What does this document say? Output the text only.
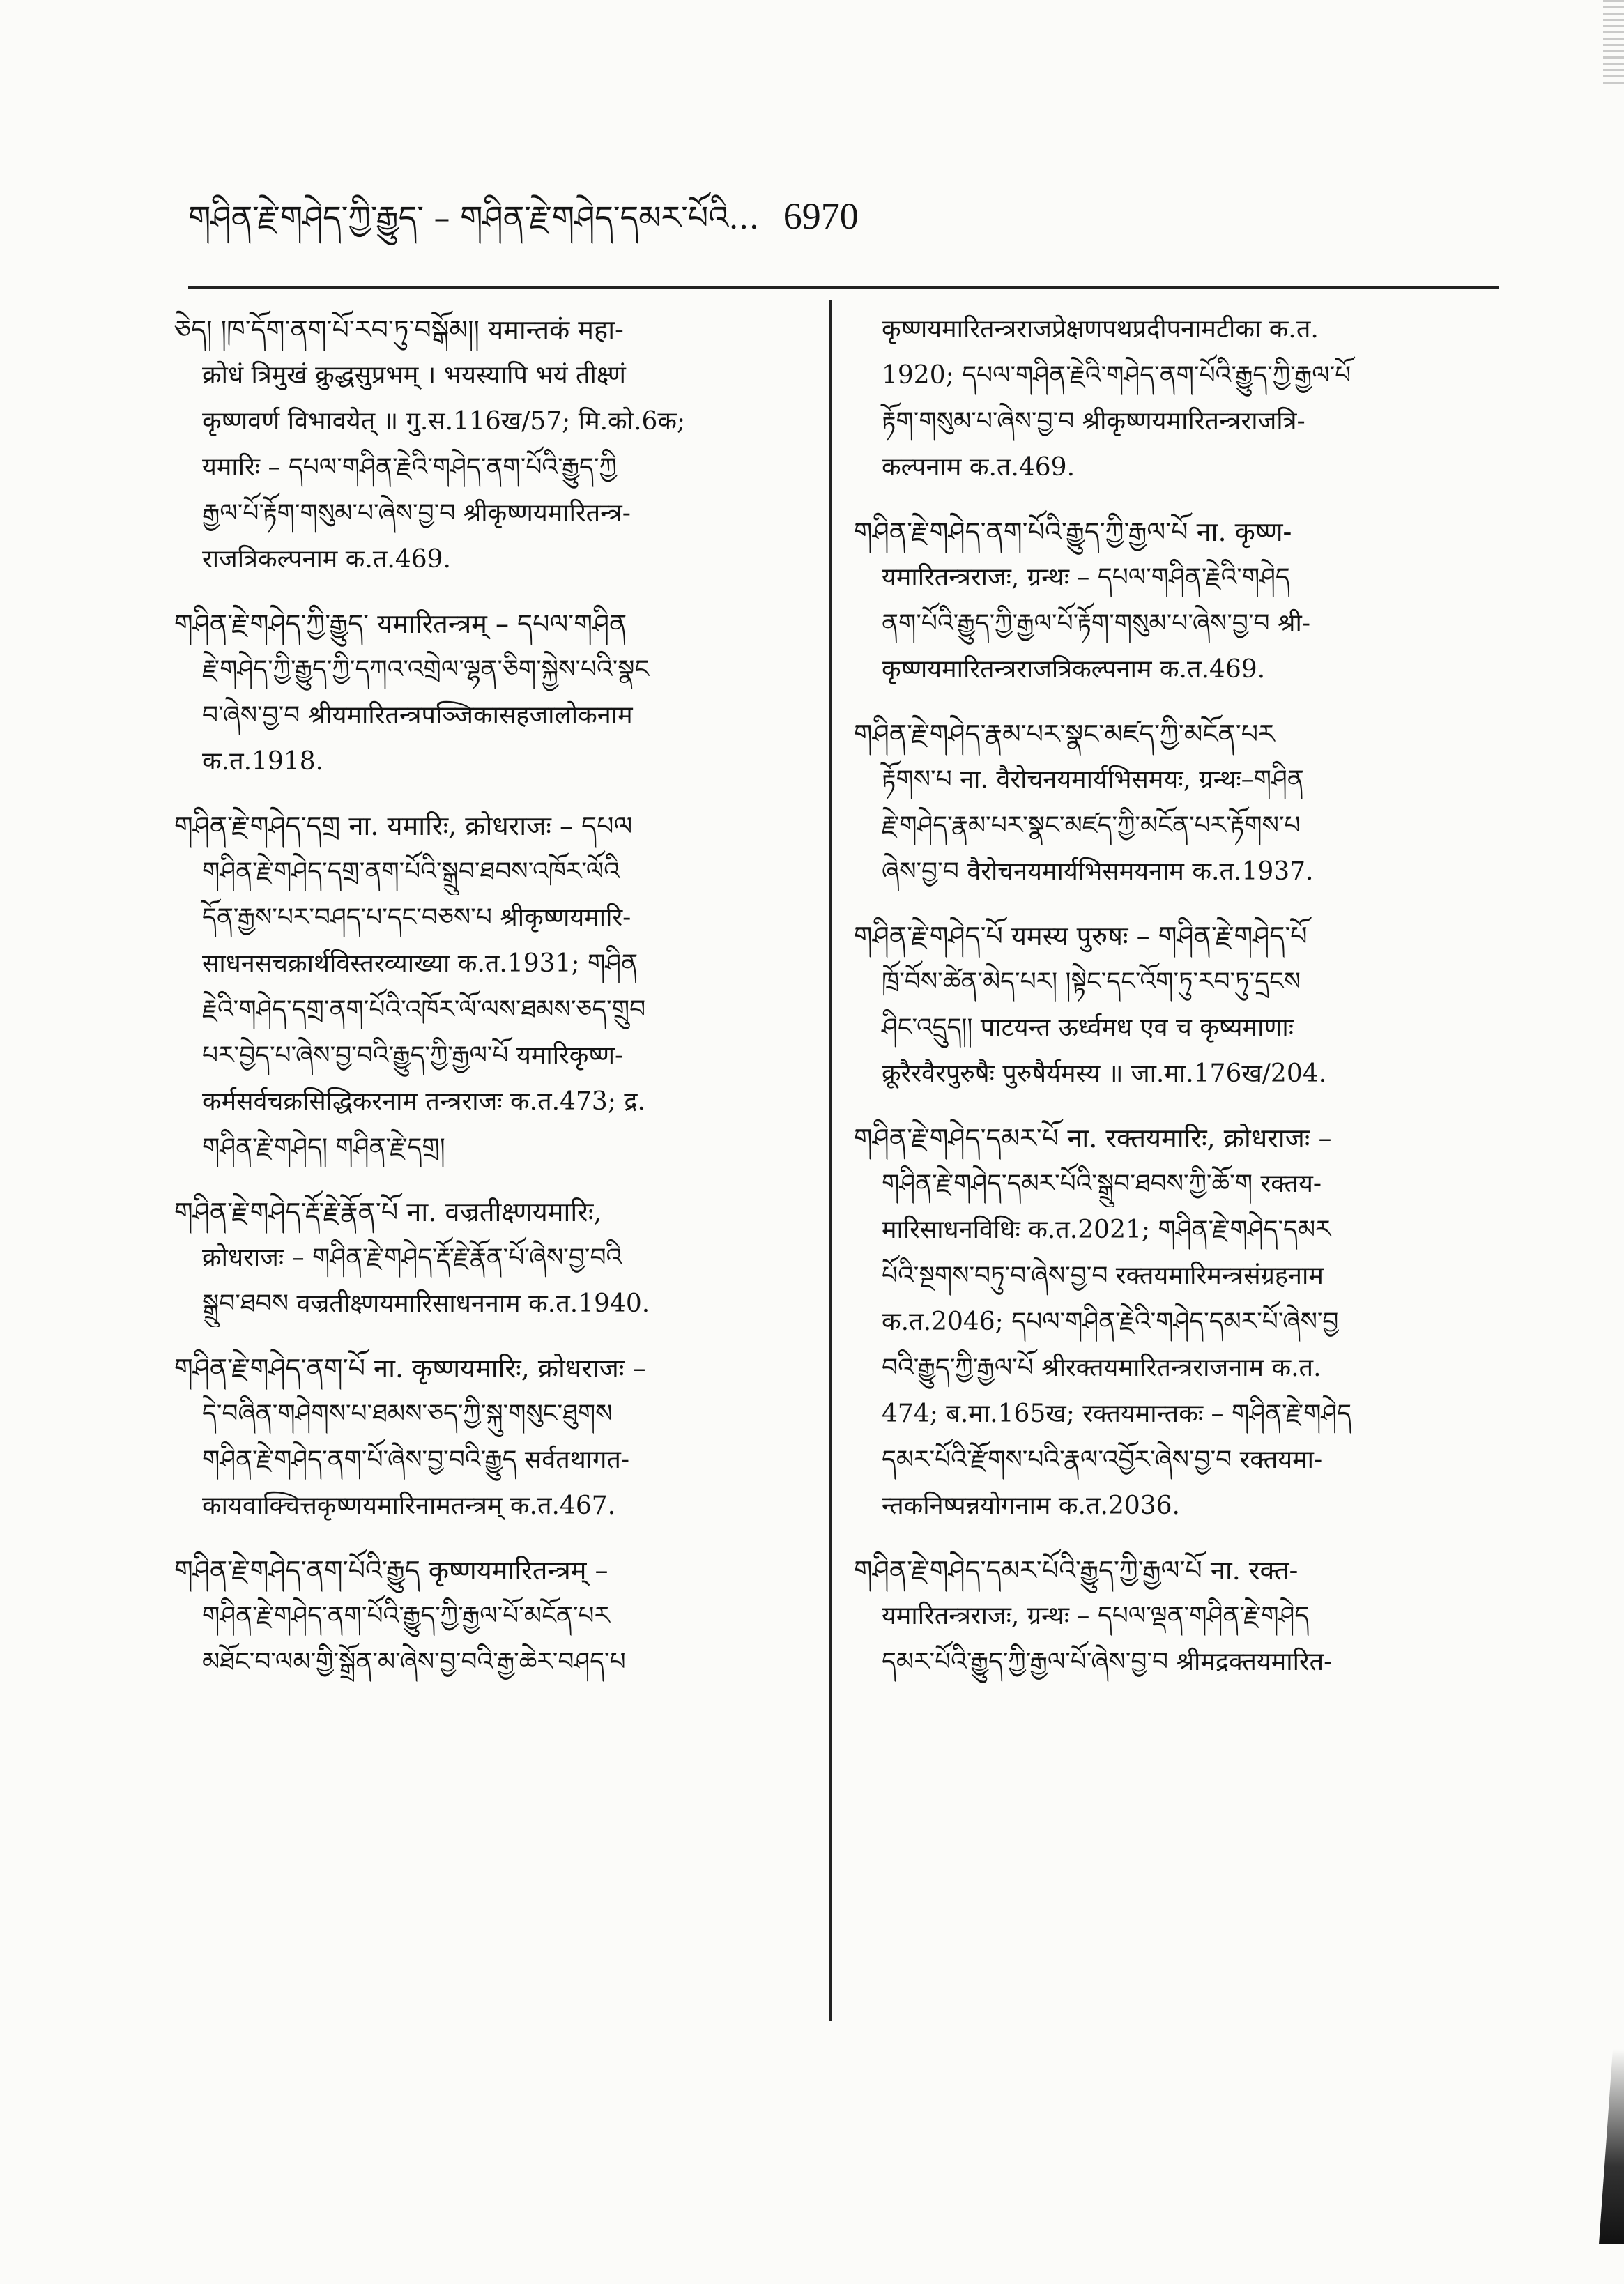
གཤིན་རྗེ་གཤེད་ཀྱི་རྒྱུད་ – གཤིན་རྗེ་གཤེད་དམར་པོའི... 6970
ཅེད། །ཁ་དོག་ནག་པོ་རབ་ཏུ་བསྒོམ།། यमान्तकं महा-
क्रोधं त्रिमुखं क्रुद्धसुप्रभम् । भयस्यापि भयं तीक्ष्णं
कृष्णवर्ण विभावयेत् ॥ गु.स.116ख/57; मि.को.6क;
यमारिः – དཔལ་གཤིན་རྗེའི་གཤེད་ནག་པོའི་རྒྱུད་ཀྱི
རྒྱལ་པོ་རྟོག་གསུམ་པ་ཞེས་བྱ་བ श्रीकृष्णयमारितन्त्र-
राजत्रिकल्पनाम क.त.469.
གཤིན་རྗེ་གཤེད་ཀྱི་རྒྱུད་ यमारितन्त्रम् – དཔལ་གཤིན
རྗེ་གཤེད་ཀྱི་རྒྱུད་ཀྱི་དཀའ་འགྲེལ་ལྷན་ཅིག་སྐྱེས་པའི་སྣང
བ་ཞེས་བྱ་བ श्रीयमारितन्त्रपञ्जिकासहजालोकनाम
क.त.1918.
གཤིན་རྗེ་གཤེད་དགྲ ना. यमारिः, क्रोधराजः – དཔལ
གཤིན་རྗེ་གཤེད་དགྲ་ནག་པོའི་སྒྲུབ་ཐབས་འཁོར་ལོའི
དོན་རྒྱས་པར་བཤད་པ་དང་བཅས་པ श्रीकृष्णयमारि-
साधनसचक्रार्थविस्तरव्याख्या क.त.1931; གཤིན
རྗེའི་གཤེད་དགྲ་ནག་པོའི་འཁོར་ལོ་ལས་ཐམས་ཅད་གྲུབ
པར་བྱེད་པ་ཞེས་བྱ་བའི་རྒྱུད་ཀྱི་རྒྱལ་པོ यमारिकृष्ण-
कर्मसर्वचक्रसिद्धिकरनाम तन्त्रराजः क.त.473; द्र.
གཤིན་རྗེ་གཤེད། གཤིན་རྗེ་དགྲ།
གཤིན་རྗེ་གཤེད་རྡོ་རྗེ་རྣོན་པོ ना. वज्रतीक्ष्णयमारिः,
क्रोधराजः – གཤིན་རྗེ་གཤེད་རྡོ་རྗེ་རྣོན་པོ་ཞེས་བྱ་བའི
སྒྲུབ་ཐབས वज्रतीक्ष्णयमारिसाधननाम क.त.1940.
གཤིན་རྗེ་གཤེད་ནག་པོ ना. कृष्णयमारिः, क्रोधराजः –
དེ་བཞིན་གཤེགས་པ་ཐམས་ཅད་ཀྱི་སྐུ་གསུང་ཐུགས
གཤིན་རྗེ་གཤེད་ནག་པོ་ཞེས་བྱ་བའི་རྒྱུད सर्वतथागत-
कायवाक्चित्तकृष्णयमारिनामतन्त्रम् क.त.467.
གཤིན་རྗེ་གཤེད་ནག་པོའི་རྒྱུད कृष्णयमारितन्त्रम् –
གཤིན་རྗེ་གཤེད་ནག་པོའི་རྒྱུད་ཀྱི་རྒྱལ་པོ་མངོན་པར
མཐོང་བ་ལམ་གྱི་སྒྲོན་མ་ཞེས་བྱ་བའི་རྒྱ་ཆེར་བཤད་པ
कृष्णयमारितन्त्रराजप्रेक्षणपथप्रदीपनामटीका क.त.
1920; དཔལ་གཤིན་རྗེའི་གཤེད་ནག་པོའི་རྒྱུད་ཀྱི་རྒྱལ་པོ
རྟོག་གསུམ་པ་ཞེས་བྱ་བ श्रीकृष्णयमारितन्त्रराजत्रि-
कल्पनाम क.त.469.
གཤིན་རྗེ་གཤེད་ནག་པོའི་རྒྱུད་ཀྱི་རྒྱལ་པོ ना. कृष्ण-
यमारितन्त्रराजः, ग्रन्थः – དཔལ་གཤིན་རྗེའི་གཤེད
ནག་པོའི་རྒྱུད་ཀྱི་རྒྱལ་པོ་རྟོག་གསུམ་པ་ཞེས་བྱ་བ श्री-
कृष्णयमारितन्त्रराजत्रिकल्पनाम क.त.469.
གཤིན་རྗེ་གཤེད་རྣམ་པར་སྣང་མཛད་ཀྱི་མངོན་པར
རྟོགས་པ ना. वैरोचनयमार्यभिसमयः, ग्रन्थः–གཤིན
རྗེ་གཤེད་རྣམ་པར་སྣང་མཛད་ཀྱི་མངོན་པར་རྟོགས་པ
ཞེས་བྱ་བ वैरोचनयमार्यभिसमयनाम क.त.1937.
གཤིན་རྗེ་གཤེད་པོ यमस्य पुरुषः – གཤིན་རྗེ་གཤེད་པོ
ཁྲོ་བོས་ཚེན་མེད་པར། །སྟེང་དང་འོག་ཏུ་རབ་ཏུ་དྲངས
ཤིང་འདྲུད།། पाटयन्त ऊर्ध्वमध एव च कृष्यमाणाः
क्रूरैरवैरपुरुषैः पुरुषैर्यमस्य ॥ जा.मा.176ख/204.
གཤིན་རྗེ་གཤེད་དམར་པོ ना. रक्तयमारिः, क्रोधराजः –
གཤིན་རྗེ་གཤེད་དམར་པོའི་སྒྲུབ་ཐབས་ཀྱི་ཆོ་ག रक्तय-
मारिसाधनविधिः क.त.2021; གཤིན་རྗེ་གཤེད་དམར
པོའི་སྔགས་བཏུ་བ་ཞེས་བྱ་བ रक्तयमारिमन्त्रसंग्रहनाम
क.त.2046; དཔལ་གཤིན་རྗེའི་གཤེད་དམར་པོ་ཞེས་བྱ
བའི་རྒྱུད་ཀྱི་རྒྱལ་པོ श्रीरक्तयमारितन्त्रराजनाम क.त.
474; ब.मा.165ख; रक्तयमान्तकः – གཤིན་རྗེ་གཤེད
དམར་པོའི་རྫོགས་པའི་རྣལ་འབྱོར་ཞེས་བྱ་བ रक्तयमा-
न्तकनिष्पन्नयोगनाम क.त.2036.
གཤིན་རྗེ་གཤེད་དམར་པོའི་རྒྱུད་ཀྱི་རྒྱལ་པོ ना. रक्त-
यमारितन्त्रराजः, ग्रन्थः – དཔལ་ལྡན་གཤིན་རྗེ་གཤེད
དམར་པོའི་རྒྱུད་ཀྱི་རྒྱལ་པོ་ཞེས་བྱ་བ श्रीमद्रक्तयमारित-
